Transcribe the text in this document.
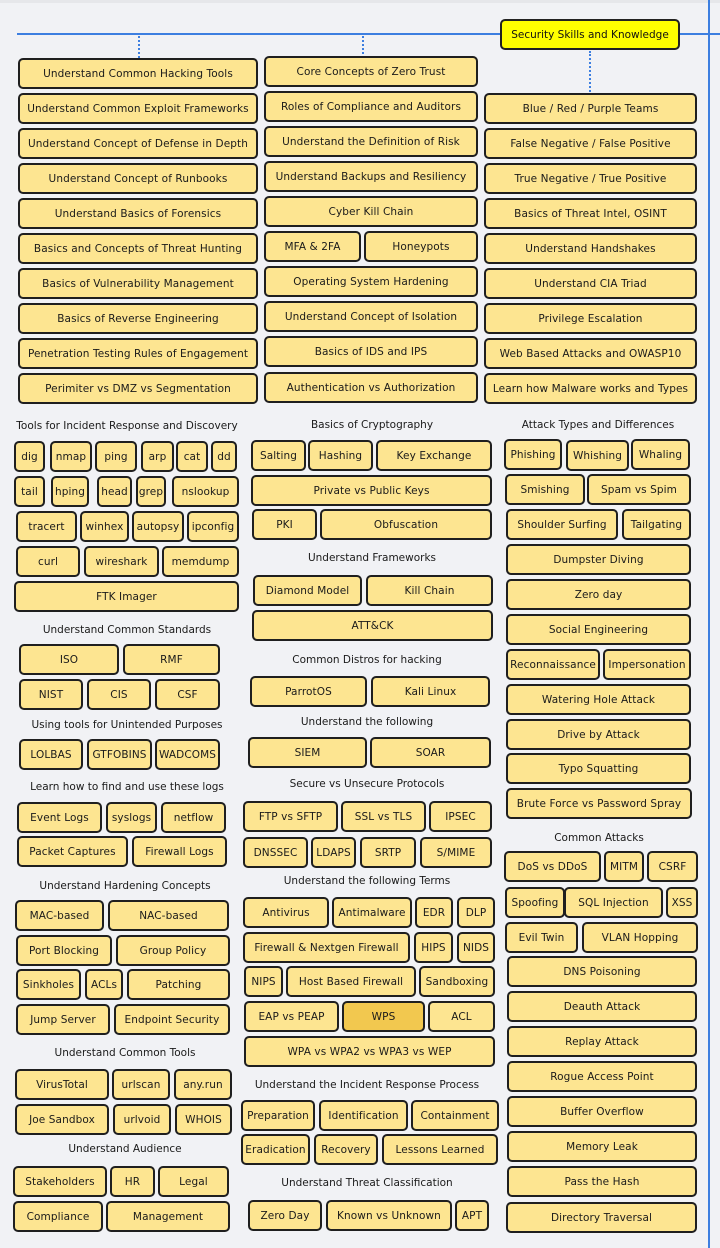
Security Skills and Knowledge
Tools for Incident Response and Discovery
Understand Common Standards
Using tools for Unintended Purposes
Learn how to find and use these logs
Understand Hardening Concepts
Understand Common Tools
Understand Audience
Basics of Cryptography
Understand Frameworks
Common Distros for hacking
Understand the following
Secure vs Unsecure Protocols
Understand the following Terms
Understand the Incident Response Process
Understand Threat Classification
Attack Types and Differences
Common Attacks
Understand Common Hacking Tools
Understand Common Exploit Frameworks
Understand Concept of Defense in Depth
Understand Concept of Runbooks
Understand Basics of Forensics
Basics and Concepts of Threat Hunting
Basics of Vulnerability Management
Basics of Reverse Engineering
Penetration Testing Rules of Engagement
Perimiter vs DMZ vs Segmentation
Core Concepts of Zero Trust
Roles of Compliance and Auditors
Understand the Definition of Risk
Understand Backups and Resiliency
Cyber Kill Chain
MFA & 2FA	Honeypots
Operating System Hardening
Understand Concept of Isolation
Basics of IDS and IPS
Authentication vs Authorization
Blue / Red / Purple Teams
False Negative / False Positive
True Negative / True Positive
Basics of Threat Intel, OSINT
Understand Handshakes
Understand CIA Triad
Privilege Escalation
Web Based Attacks and OWASP10
Learn how Malware works and Types
dig	nmap	ping	arp	cat	dd
tail	hping	head	grep	nslookup
tracert	winhex	autopsy	ipconfig
curl	wireshark	memdump
FTK Imager
ISO	RMF
NIST	CIS	CSF
LOLBAS	GTFOBINS	WADCOMS
Event Logs	syslogs	netflow
Packet Captures	Firewall Logs
MAC-based	NAC-based
Port Blocking	Group Policy
Sinkholes	ACLs	Patching
Jump Server	Endpoint Security
VirusTotal	urlscan	any.run
Joe Sandbox	urlvoid	WHOIS
Stakeholders	HR	Legal
Compliance	Management
Salting	Hashing	Key Exchange
Private vs Public Keys
PKI	Obfuscation
Diamond Model	Kill Chain
ATT&CK
ParrotOS	Kali Linux
SIEM	SOAR
FTP vs SFTP	SSL vs TLS	IPSEC
DNSSEC	LDAPS	SRTP	S/MIME
Antivirus	Antimalware	EDR	DLP
Firewall & Nextgen Firewall	HIPS	NIDS
NIPS	Host Based Firewall	Sandboxing
EAP vs PEAP	WPS	ACL
WPA vs WPA2 vs WPA3 vs WEP
Preparation	Identification	Containment
Eradication	Recovery	Lessons Learned
Zero Day	Known vs Unknown	APT
Phishing	Whishing	Whaling
Smishing	Spam vs Spim
Shoulder Surfing	Tailgating
Dumpster Diving
Zero day
Social Engineering
Reconnaissance	Impersonation
Watering Hole Attack
Drive by Attack
Typo Squatting
Brute Force vs Password Spray
DoS vs DDoS	MITM	CSRF
Spoofing	SQL Injection	XSS
Evil Twin	VLAN Hopping
DNS Poisoning
Deauth Attack
Replay Attack
Rogue Access Point
Buffer Overflow
Memory Leak
Pass the Hash
Directory Traversal
